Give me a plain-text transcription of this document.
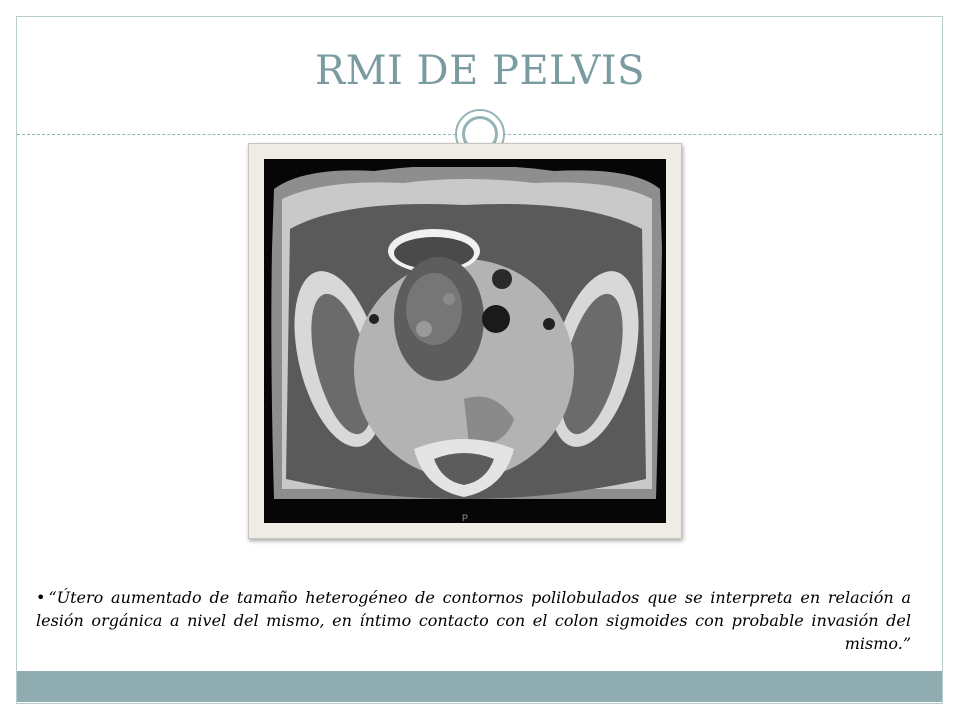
RMI DE PELVIS
P
• “Útero aumentado de tamaño heterogéneo de contornos polilobulados que se interpreta en relación a lesión orgánica a nivel del mismo, en íntimo contacto con el colon sigmoides con probable invasión del mismo.”
